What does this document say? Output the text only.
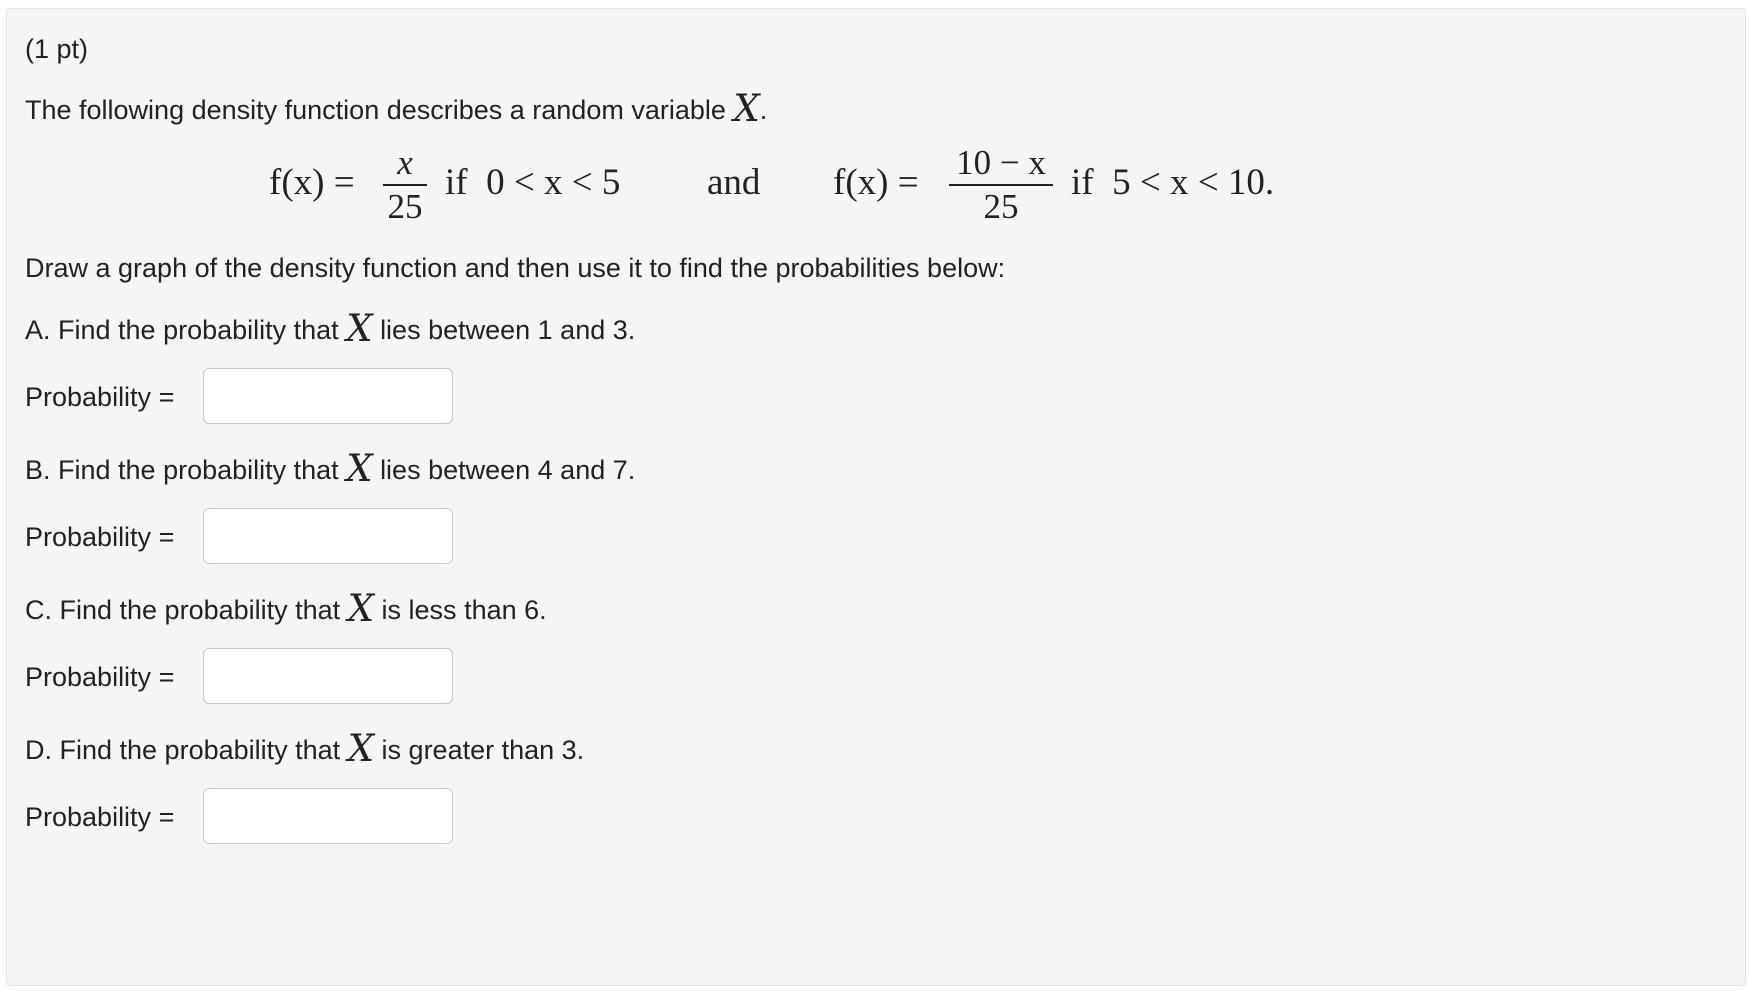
(1 pt)
The following density function describes a random variable X.
f(x) =	x
25
if  0 < x < 5 and f(x) = 10 − x
25
if  5 < x < 10.
Draw a graph of the density function and then use it to find the probabilities below:
A. Find the probability that X lies between 1 and 3.
Probability =
B. Find the probability that X lies between 4 and 7.
Probability =
C. Find the probability that X is less than 6.
Probability =
D. Find the probability that X is greater than 3.
Probability =
